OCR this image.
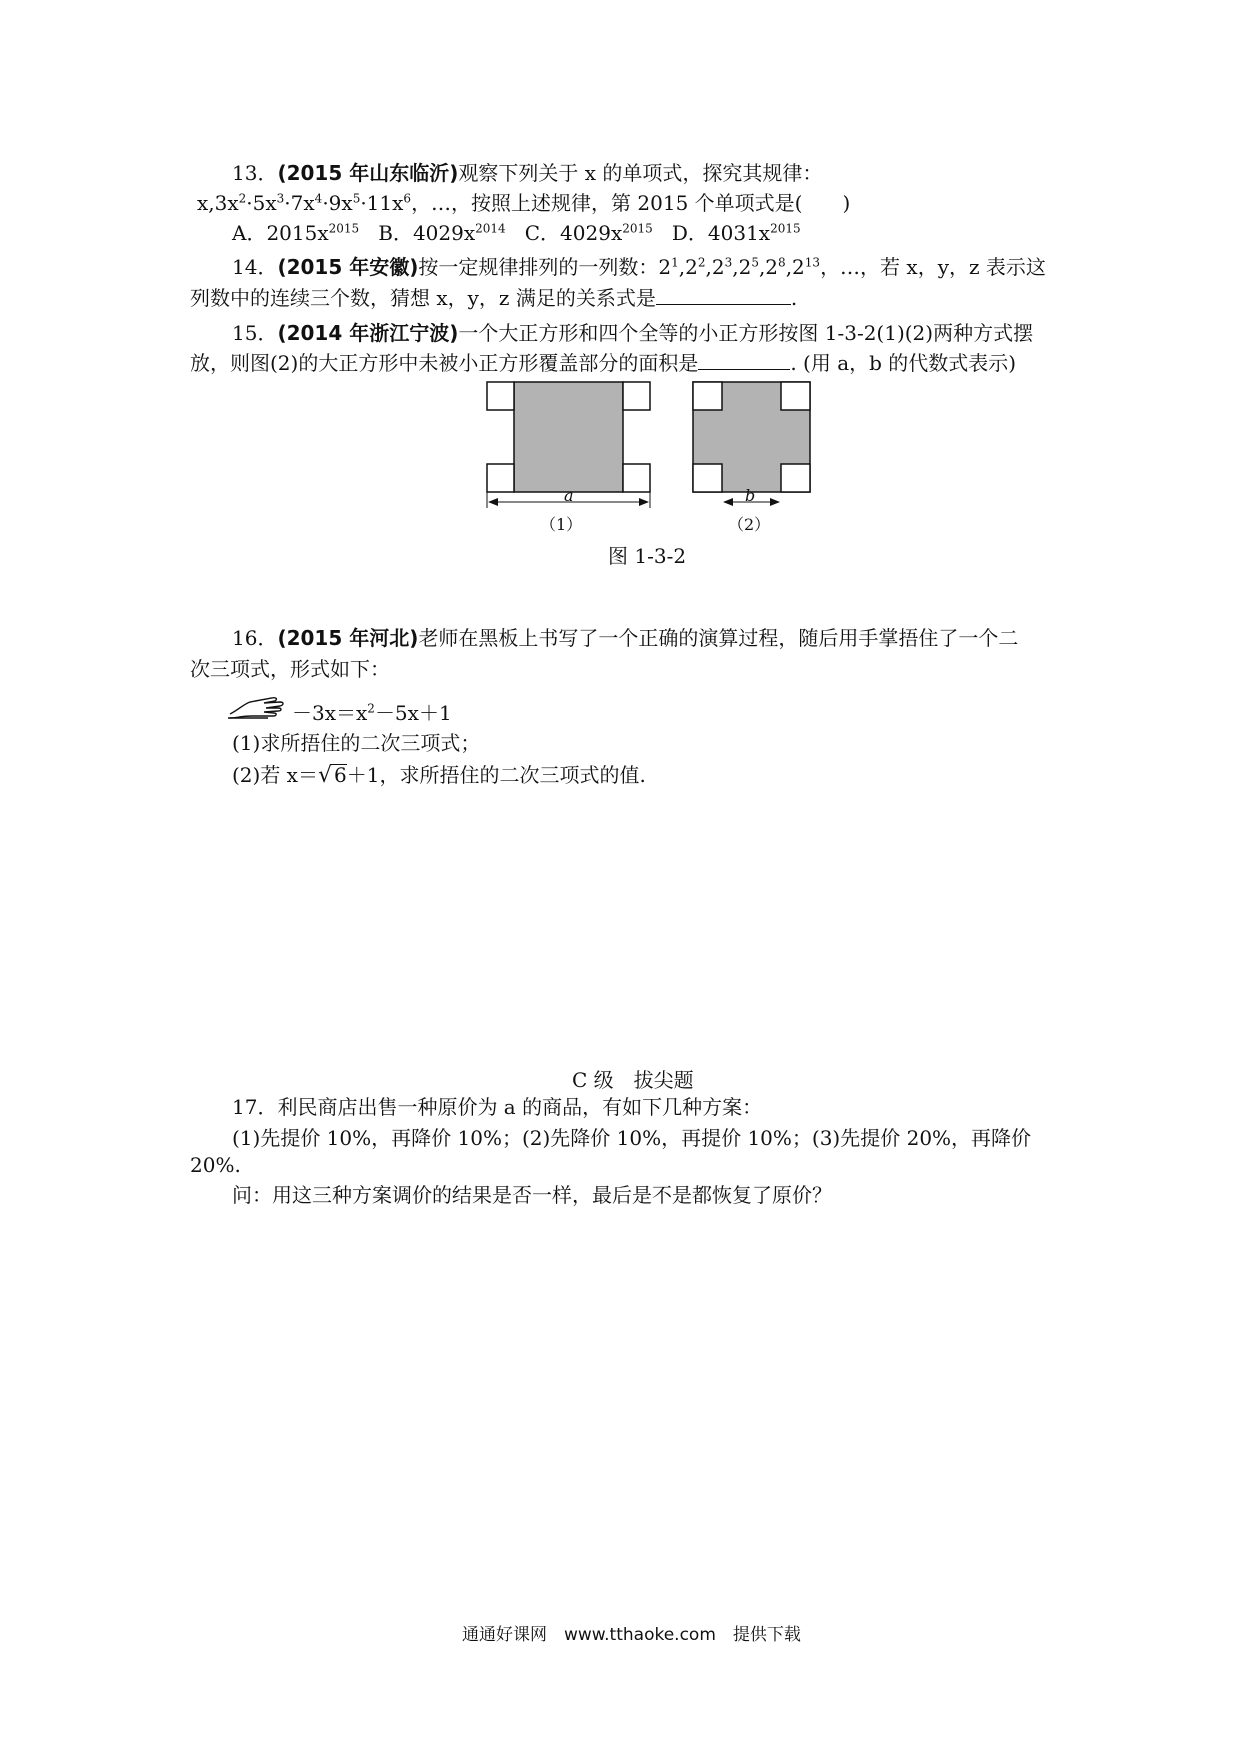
13．(2015 年山东临沂)观察下列关于 x 的单项式，探究其规律：
$x,3x^2\cdot 5x^3\cdot 7x^4\cdot 9x^5\cdot 11x^6$，…，按照上述规律，第 2015 个单项式是(　　)
A．$2015x^{2015}$ B．$4029x^{2014}$ C．$4029x^{2015}$ D．$4031x^{2015}$
14．(2015 年安徽)按一定规律排列的一列数：$2^1,2^2,2^3,2^5,2^8,2^{13}$，…，若 x，y，z 表示这
列数中的连续三个数，猜想 x，y，z 满足的关系式是	.
15．(2014 年浙江宁波)一个大正方形和四个全等的小正方形按图 1-3-2(1)(2)两种方式摆
放，则图(2)的大正方形中未被小正方形覆盖部分的面积是	. (用 a，b 的代数式表示)
a	b
（1）	（2）
图 1-3-2
16．(2015 年河北)老师在黑板上书写了一个正确的演算过程，随后用手掌捂住了一个二
次三项式，形式如下：
$-3x=x^2-5x+1$
(1)求所捂住的二次三项式；
(2)若 x＝√ 6＋1，求所捂住的二次三项式的值.
C 级　拔尖题
17．利民商店出售一种原价为 a 的商品，有如下几种方案：
(1)先提价 10%，再降价 10%；(2)先降价 10%，再提价 10%；(3)先提价 20%，再降价
20%.
问：用这三种方案调价的结果是否一样，最后是不是都恢复了原价？
通通好课网　www.tthaoke.com　提供下载
